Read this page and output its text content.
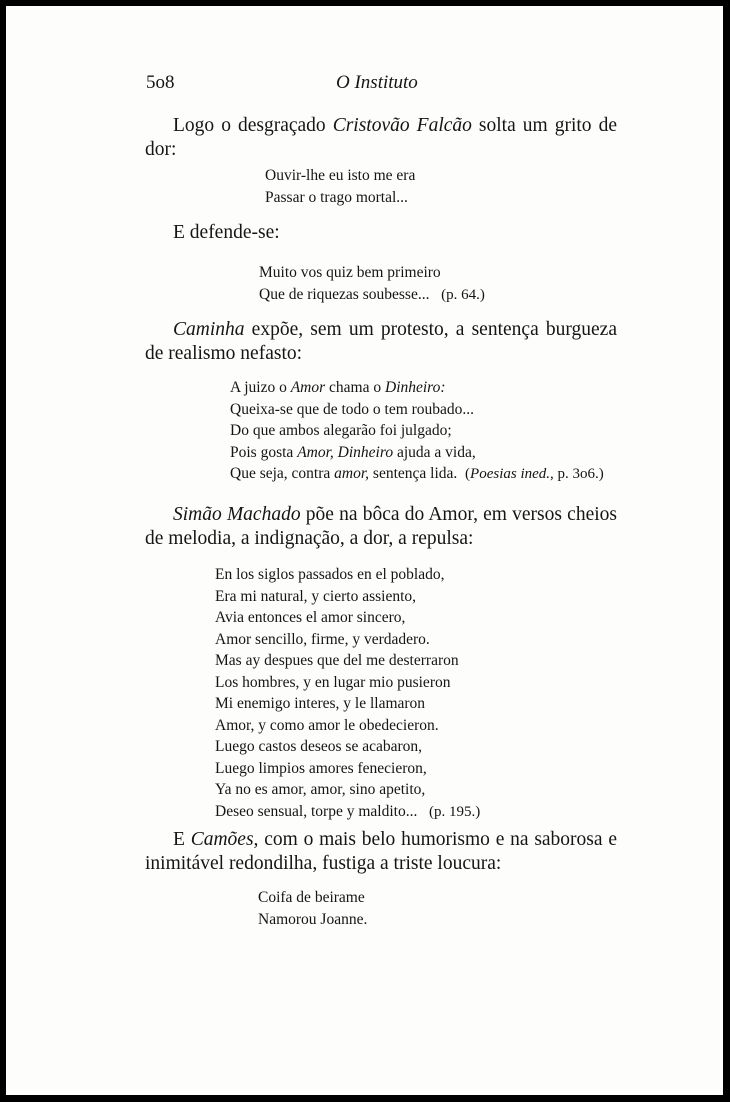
5o8	O Instituto
Logo o desgraçado Cristovão Falcão solta um grito de
dor:
Ouvir-lhe eu isto me era
Passar o trago mortal...
E defende-se:
Muito vos quiz bem primeiro
Que de riquezas soubesse... (p. 64.)
Caminha expõe, sem um protesto, a sentença burgueza
de realismo nefasto:
A juizo o Amor chama o Dinheiro:
Queixa-se que de todo o tem roubado...
Do que ambos alegarão foi julgado;
Pois gosta Amor, Dinheiro ajuda a vida,
Que seja, contra amor, sentença lida. (Poesias ined., p. 3o6.)
Simão Machado põe na bôca do Amor, em versos cheios
de melodia, a indignação, a dor, a repulsa:
En los siglos passados en el poblado,
Era mi natural, y cierto assiento,
Avia entonces el amor sincero,
Amor sencillo, firme, y verdadero.
Mas ay despues que del me desterraron
Los hombres, y en lugar mio pusieron
Mi enemigo interes, y le llamaron
Amor, y como amor le obedecieron.
Luego castos deseos se acabaron,
Luego limpios amores fenecieron,
Ya no es amor, amor, sino apetito,
Deseo sensual, torpe y maldito... (p. 195.)
E Camões, com o mais belo humorismo e na saborosa e
inimitável redondilha, fustiga a triste loucura:
Coifa de beirame
Namorou Joanne.
